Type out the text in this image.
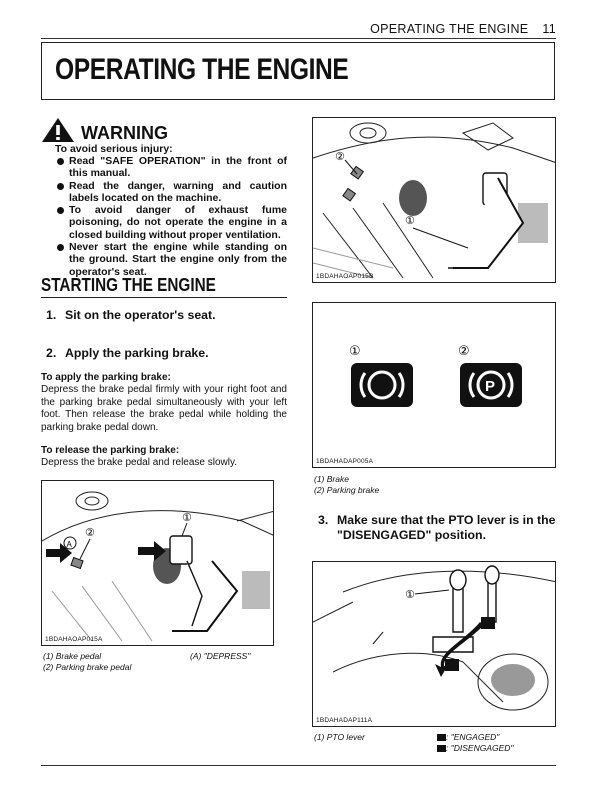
OPERATING THE ENGINE 11
OPERATING THE ENGINE
WARNING
To avoid serious injury:
Read "SAFE OPERATION" in the front of this manual.
Read the danger, warning and caution labels located on the machine.
To avoid danger of exhaust fume poisoning, do not operate the engine in a closed building without proper ventilation.
Never start the engine while standing on the ground. Start the engine only from the operator's seat.
STARTING THE ENGINE
1. Sit on the operator's seat.
2. Apply the parking brake.
To apply the parking brake:
Depress the brake pedal firmly with your right foot and the parking brake pedal simultaneously with your left foot. Then release the brake pedal while holding the parking brake pedal down.
To release the parking brake:
Depress the brake pedal and release slowly.
②
①
1BDAHAOAP015B
①	②
P
1BDAHADAP005A
(1) Brake
(2) Parking brake
3. Make sure that the PTO lever is in the
"DISENGAGED" position.
A
②
①
1BDAHAOAP015A
(1) Brake pedal
(2) Parking brake pedal
(A) "DEPRESS"
①
1BDAHADAP111A
(1) PTO lever	: "ENGAGED"
: "DISENGAGED"
